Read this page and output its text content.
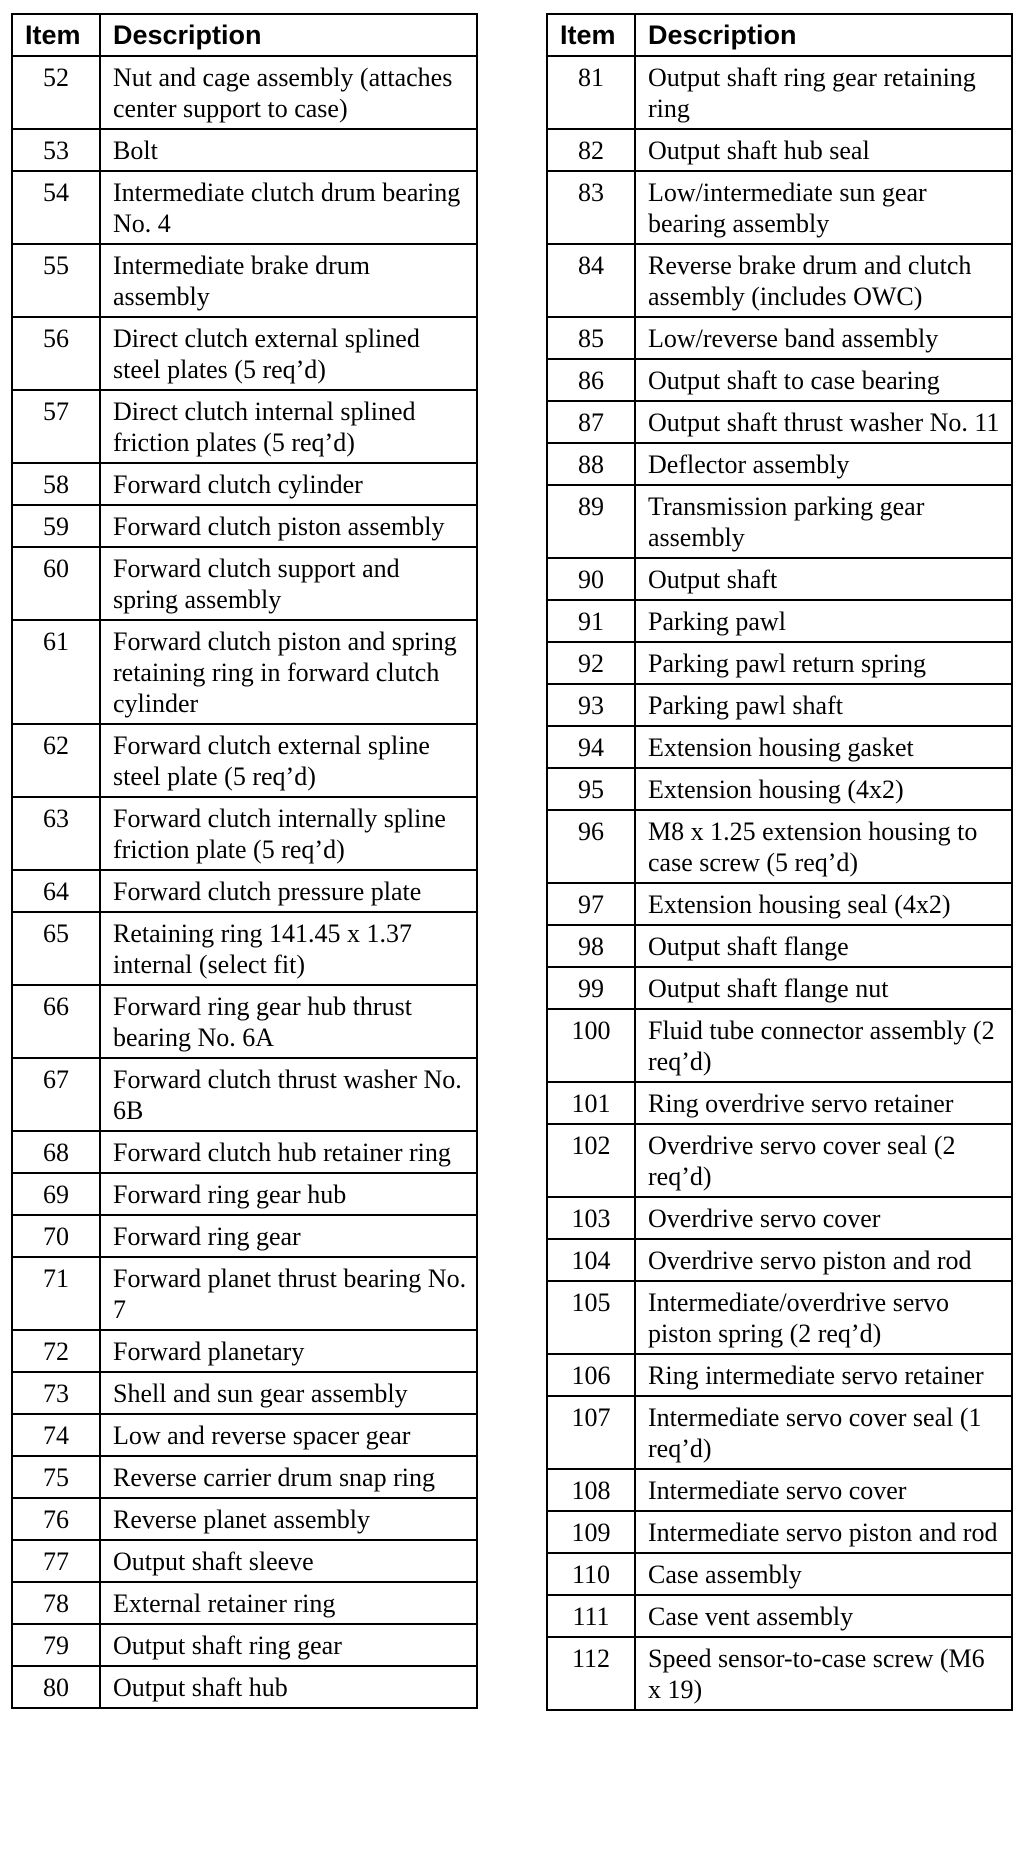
Item	Description
52	Nut and cage assembly (attaches center support to case)
53	Bolt
54	Intermediate clutch drum bearing No. 4
55	Intermediate brake drum assembly
56	Direct clutch external splined steel plates (5 req’d)
57	Direct clutch internal splined friction plates (5 req’d)
58	Forward clutch cylinder
59	Forward clutch piston assembly
60	Forward clutch support and spring assembly
61	Forward clutch piston and spring retaining ring in forward clutch cylinder
62	Forward clutch external spline steel plate (5 req’d)
63	Forward clutch internally spline friction plate (5 req’d)
64	Forward clutch pressure plate
65	Retaining ring 141.45 x 1.37 internal (select fit)
66	Forward ring gear hub thrust bearing No. 6A
67	Forward clutch thrust washer No. 6B
68	Forward clutch hub retainer ring
69	Forward ring gear hub
70	Forward ring gear
71	Forward planet thrust bearing No. 7
72	Forward planetary
73	Shell and sun gear assembly
74	Low and reverse spacer gear
75	Reverse carrier drum snap ring
76	Reverse planet assembly
77	Output shaft sleeve
78	External retainer ring
79	Output shaft ring gear
80	Output shaft hub
Item	Description
81	Output shaft ring gear retaining ring
82	Output shaft hub seal
83	Low/intermediate sun gear bearing assembly
84	Reverse brake drum and clutch assembly (includes OWC)
85	Low/reverse band assembly
86	Output shaft to case bearing
87	Output shaft thrust washer No. 11
88	Deflector assembly
89	Transmission parking gear assembly
90	Output shaft
91	Parking pawl
92	Parking pawl return spring
93	Parking pawl shaft
94	Extension housing gasket
95	Extension housing (4x2)
96	M8 x 1.25 extension housing to case screw (5 req’d)
97	Extension housing seal (4x2)
98	Output shaft flange
99	Output shaft flange nut
100	Fluid tube connector assembly (2 req’d)
101	Ring overdrive servo retainer
102	Overdrive servo cover seal (2 req’d)
103	Overdrive servo cover
104	Overdrive servo piston and rod
105	Intermediate/overdrive servo piston spring (2 req’d)
106	Ring intermediate servo retainer
107	Intermediate servo cover seal (1 req’d)
108	Intermediate servo cover
109	Intermediate servo piston and rod
110	Case assembly
111	Case vent assembly
112	Speed sensor-to-case screw (M6 x 19)
